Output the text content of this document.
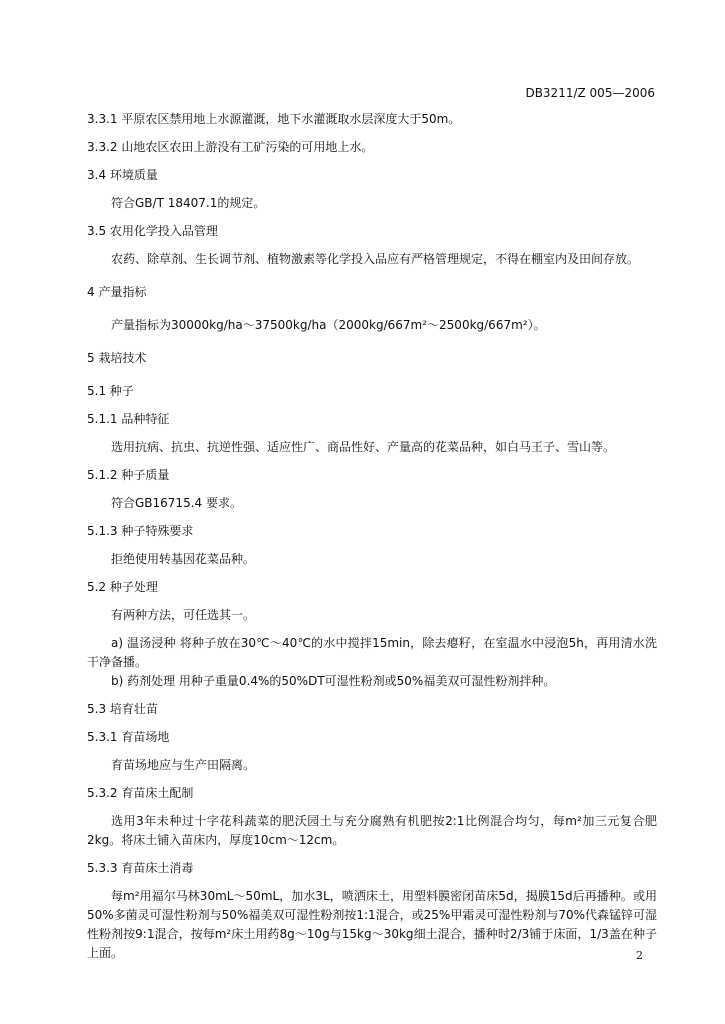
DB3211/Z 005—2006
3.3.1 平原农区禁用地上水源灌溉，地下水灌溉取水层深度大于50m。
3.3.2 山地农区农田上游没有工矿污染的可用地上水。
3.4 环境质量
符合GB/T 18407.1的规定。
3.5 农用化学投入品管理
农药、除草剂、生长调节剂、植物激素等化学投入品应有严格管理规定，不得在棚室内及田间存放。
4 产量指标
产量指标为30000kg/ha～37500kg/ha（2000kg/667m²～2500kg/667m²）。
5 栽培技术
5.1 种子
5.1.1 品种特征
选用抗病、抗虫、抗逆性强、适应性广、商品性好、产量高的花菜品种，如白马王子、雪山等。
5.1.2 种子质量
符合GB16715.4 要求。
5.1.3 种子特殊要求
拒绝使用转基因花菜品种。
5.2 种子处理
有两种方法，可任选其一。
a) 温汤浸种 将种子放在30℃～40℃的水中搅拌15min，除去瘪籽，在室温水中浸泡5h，再用清水洗干净备播。
b) 药剂处理 用种子重量0.4%的50%DT可湿性粉剂或50%福美双可湿性粉剂拌种。
5.3 培育壮苗
5.3.1 育苗场地
育苗场地应与生产田隔离。
5.3.2 育苗床土配制
选用3年未种过十字花科蔬菜的肥沃园土与充分腐熟有机肥按2:1比例混合均匀，每m²加三元复合肥2kg。将床土铺入苗床内，厚度10cm～12cm。
5.3.3 育苗床土消毒
每m²用福尔马林30mL～50mL，加水3L，喷洒床土，用塑料膜密闭苗床5d，揭膜15d后再播种。或用50%多菌灵可湿性粉剂与50%福美双可湿性粉剂按1:1混合，或25%甲霜灵可湿性粉剂与70%代森锰锌可湿性粉剂按9:1混合，按每m²床土用药8g～10g与15kg～30kg细土混合，播种时2/3铺于床面，1/3盖在种子上面。	2
